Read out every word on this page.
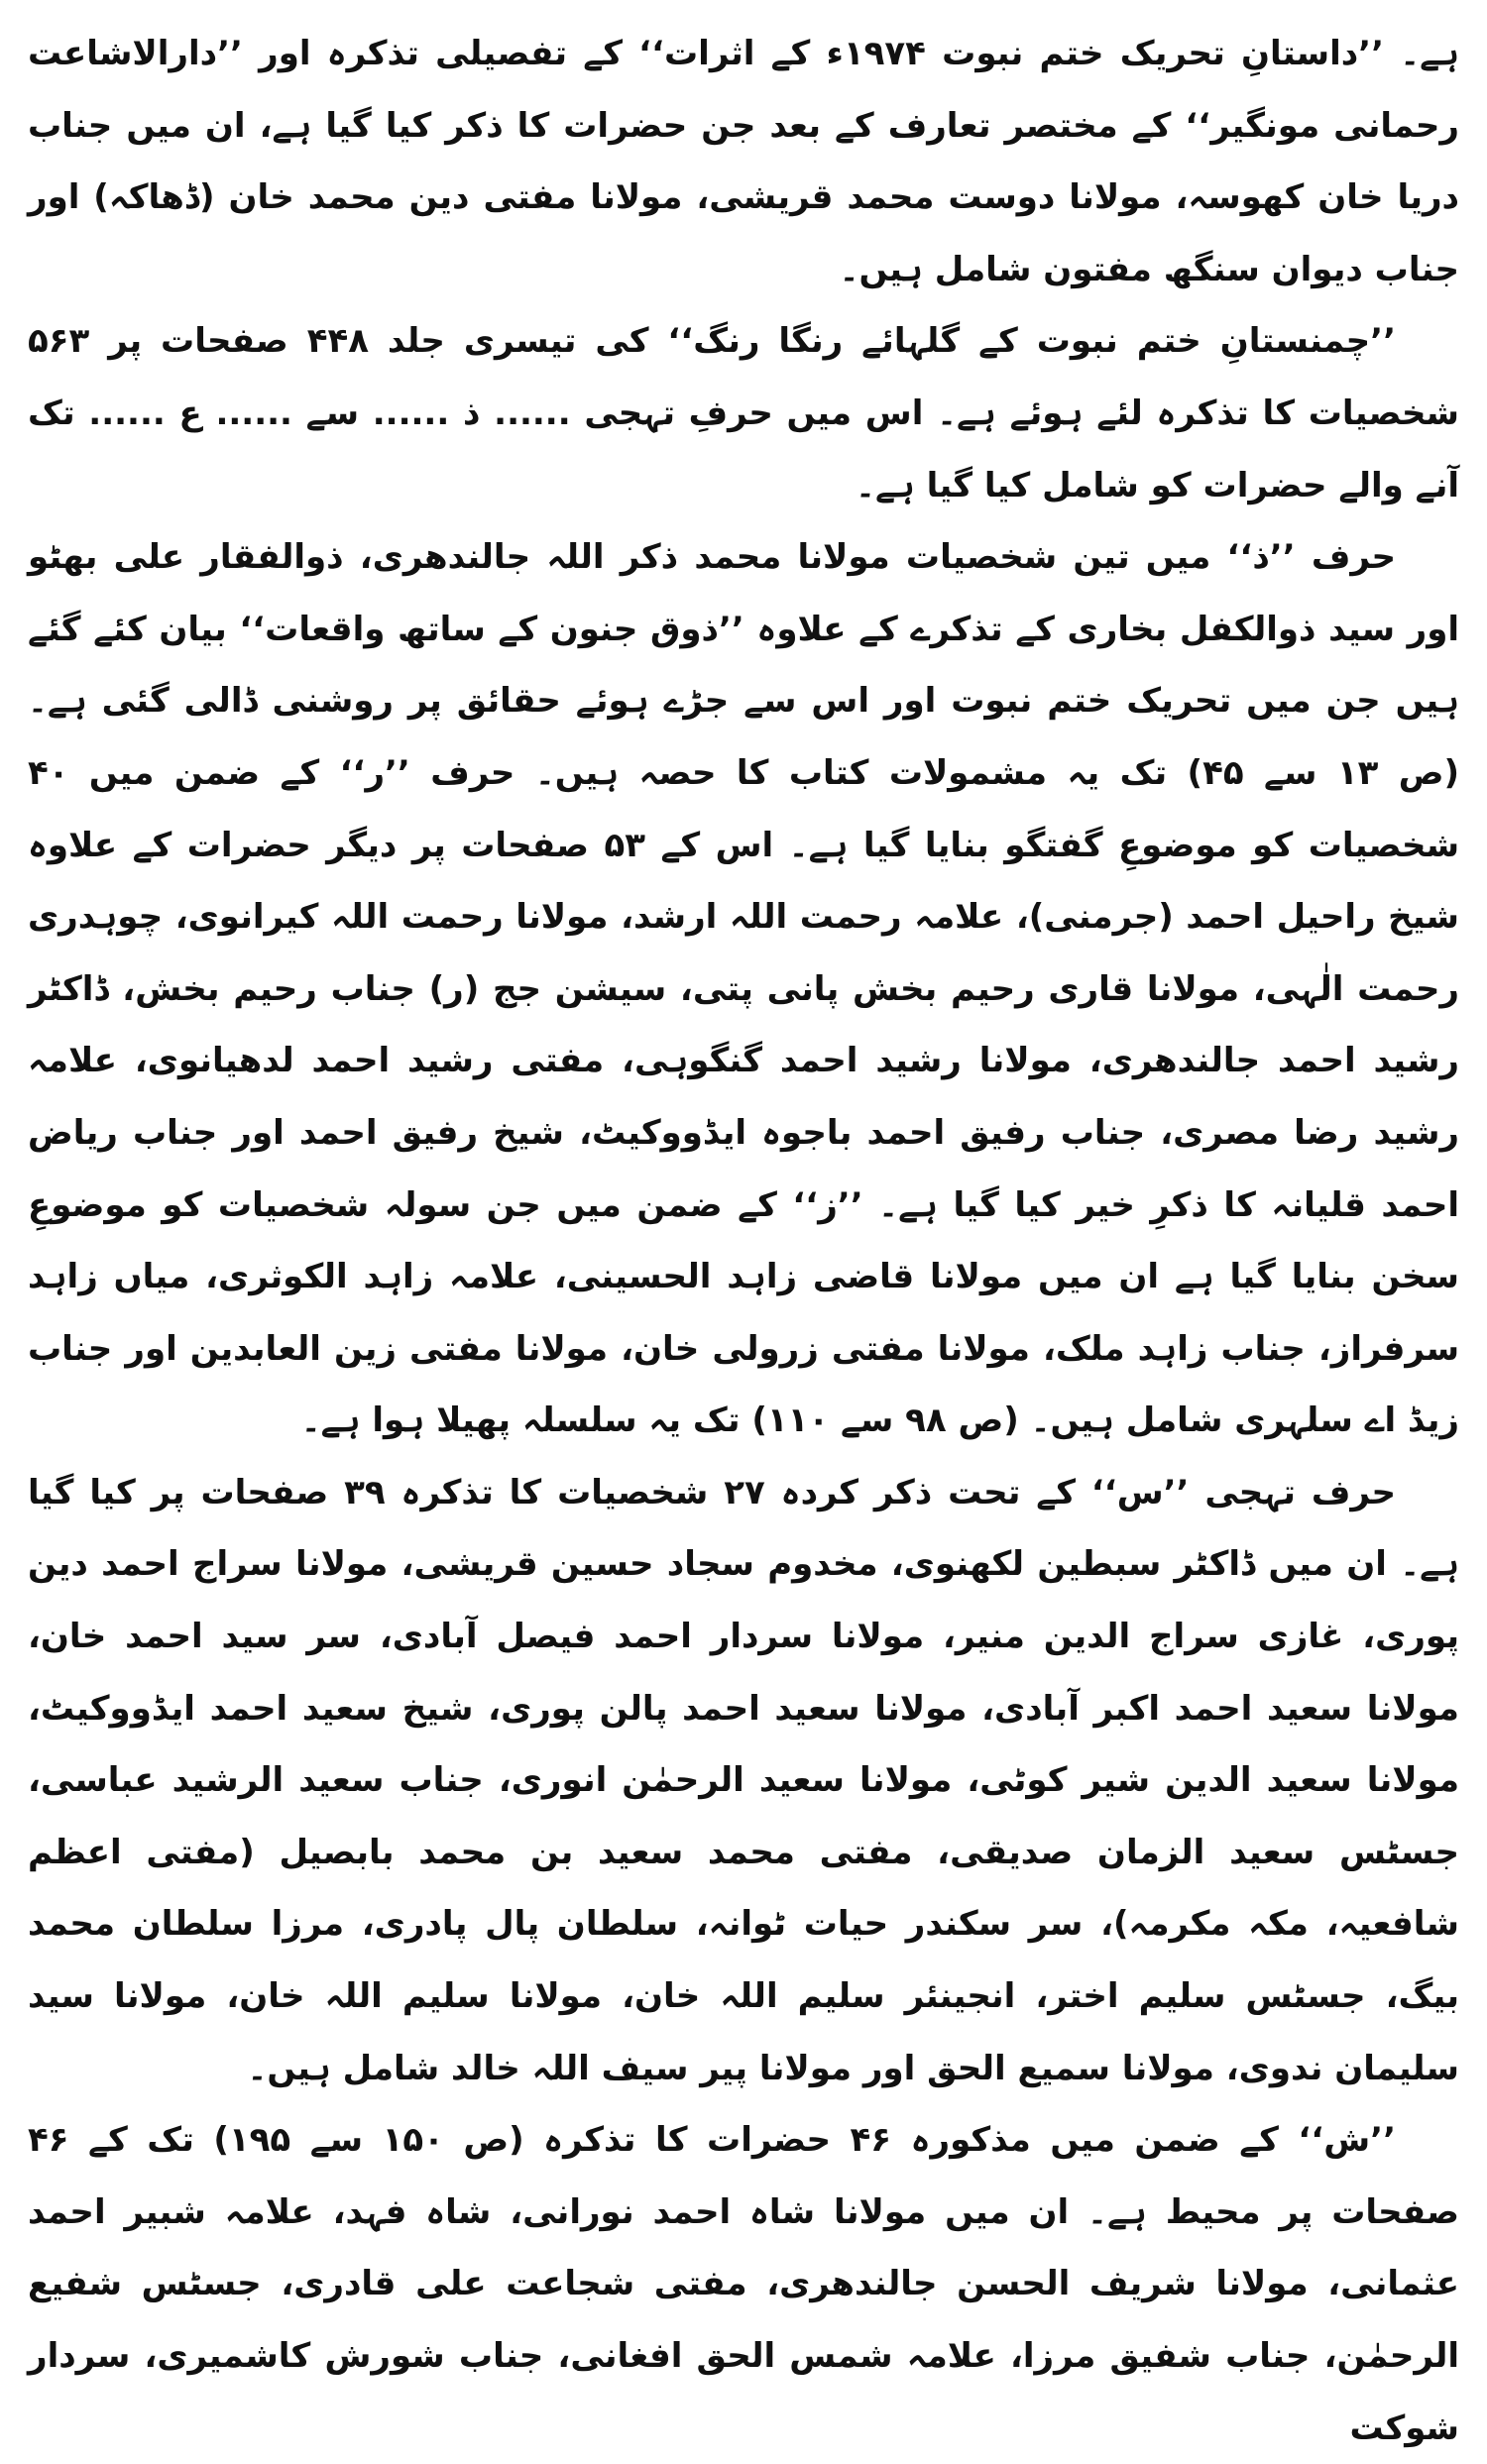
ہے۔ ’’داستانِ تحریک ختم نبوت ۱۹۷۴ء کے اثرات‘‘ کے تفصیلی تذکرہ اور ’’دارالاشاعت رحمانی مونگیر‘‘ کے مختصر تعارف کے بعد جن حضرات کا ذکر کیا گیا ہے، ان میں جناب دریا خان کھوسہ، مولانا دوست محمد قریشی، مولانا مفتی دین محمد خان (ڈھاکہ) اور جناب دیوان سنگھ مفتون شامل ہیں۔

’’چمنستانِ ختم نبوت کے گلہائے رنگا رنگ‘‘ کی تیسری جلد ۴۴۸ صفحات پر ۵۶۳ شخصیات کا تذکرہ لئے ہوئے ہے۔ اس میں حرفِ تہجی ...... ذ ...... سے ...... ع ...... تک آنے والے حضرات کو شامل کیا گیا ہے۔

حرف ’’ذ‘‘ میں تین شخصیات مولانا محمد ذکر اللہ جالندھری، ذوالفقار علی بھٹو اور سید ذوالکفل بخاری کے تذکرے کے علاوہ ’’ذوق جنون کے ساتھ واقعات‘‘ بیان کئے گئے ہیں جن میں تحریک ختم نبوت اور اس سے جڑے ہوئے حقائق پر روشنی ڈالی گئی ہے۔ (ص ۱۳ سے ۴۵) تک یہ مشمولات کتاب کا حصہ ہیں۔ حرف ’’ر‘‘ کے ضمن میں ۴۰ شخصیات کو موضوعِ گفتگو بنایا گیا ہے۔ اس کے ۵۳ صفحات پر دیگر حضرات کے علاوہ شیخ راحیل احمد (جرمنی)، علامہ رحمت اللہ ارشد، مولانا رحمت اللہ کیرانوی، چوہدری رحمت الٰہی، مولانا قاری رحیم بخش پانی پتی، سیشن جج (ر) جناب رحیم بخش، ڈاکٹر رشید احمد جالندھری، مولانا رشید احمد گنگوہی، مفتی رشید احمد لدھیانوی، علامہ رشید رضا مصری، جناب رفیق احمد باجوہ ایڈووکیٹ، شیخ رفیق احمد اور جناب ریاض احمد قلیانہ کا ذکرِ خیر کیا گیا ہے۔ ’’ز‘‘ کے ضمن میں جن سولہ شخصیات کو موضوعِ سخن بنایا گیا ہے ان میں مولانا قاضی زاہد الحسینی، علامہ زاہد الکوثری، میاں زاہد سرفراز، جناب زاہد ملک، مولانا مفتی زرولی خان، مولانا مفتی زین العابدین اور جناب زیڈ اے سلہری شامل ہیں۔ (ص ۹۸ سے ۱۱۰) تک یہ سلسلہ پھیلا ہوا ہے۔

حرف تہجی ’’س‘‘ کے تحت ذکر کردہ ۲۷ شخصیات کا تذکرہ ۳۹ صفحات پر کیا گیا ہے۔ ان میں ڈاکٹر سبطین لکھنوی، مخدوم سجاد حسین قریشی، مولانا سراج احمد دین پوری، غازی سراج الدین منیر، مولانا سردار احمد فیصل آبادی، سر سید احمد خان، مولانا سعید احمد اکبر آبادی، مولانا سعید احمد پالن پوری، شیخ سعید احمد ایڈووکیٹ، مولانا سعید الدین شیر کوٹی، مولانا سعید الرحمٰن انوری، جناب سعید الرشید عباسی، جسٹس سعید الزمان صدیقی، مفتی محمد سعید بن محمد بابصیل (مفتی اعظم شافعیہ، مکہ مکرمہ)، سر سکندر حیات ٹوانہ، سلطان پال پادری، مرزا سلطان محمد بیگ، جسٹس سلیم اختر، انجینئر سلیم اللہ خان، مولانا سلیم اللہ خان، مولانا سید سلیمان ندوی، مولانا سمیع الحق اور مولانا پیر سیف اللہ خالد شامل ہیں۔

’’ش‘‘ کے ضمن میں مذکورہ ۴۶ حضرات کا تذکرہ (ص ۱۵۰ سے ۱۹۵) تک کے ۴۶ صفحات پر محیط ہے۔ ان میں مولانا شاہ احمد نورانی، شاہ فہد، علامہ شبیر احمد عثمانی، مولانا شریف الحسن جالندھری، مفتی شجاعت علی قادری، جسٹس شفیع الرحمٰن، جناب شفیق مرزا، علامہ شمس الحق افغانی، جناب شورش کاشمیری، سردار شوکت
